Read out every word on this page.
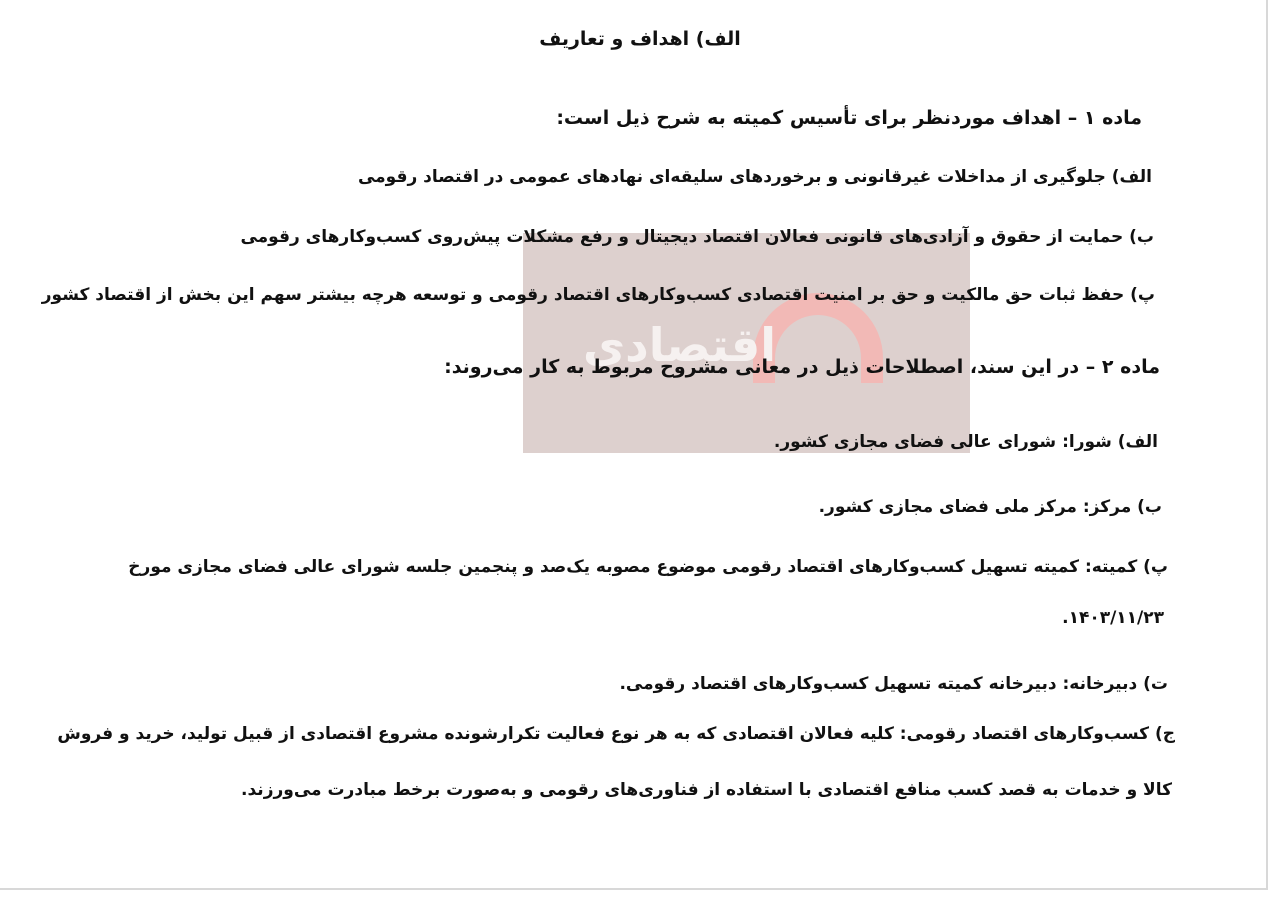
اقتصادی
الف) اهداف و تعاریف
ماده ۱ – اهداف موردنظر برای تأسیس کمیته به شرح ذیل است:
الف) جلوگیری از مداخلات غیرقانونی و برخوردهای سلیقه‌ای نهادهای عمومی در اقتصاد رقومی
ب) حمایت از حقوق و آزادی‌های قانونی فعالان اقتصاد دیجیتال و رفع مشکلات پیش‌روی کسب‌وکارهای رقومی
پ) حفظ ثبات حق مالکیت و حق بر امنیت اقتصادی کسب‌وکارهای اقتصاد رقومی و توسعه هرچه بیشتر سهم این بخش از اقتصاد کشور
ماده ۲ – در این سند، اصطلاحات ذیل در معانی مشروح مربوط به کار می‌روند:
الف) شورا: شورای عالی فضای مجازی کشور.
ب) مرکز: مرکز ملی فضای مجازی کشور.
پ) کمیته: کمیته تسهیل کسب‌وکارهای اقتصاد رقومی موضوع مصوبه یک‌صد و پنجمین جلسه شورای عالی فضای مجازی مورخ
۱۴۰۳/۱۱/۲۳.
ت) دبیرخانه: دبیرخانه کمیته تسهیل کسب‌وکارهای اقتصاد رقومی.
ج) کسب‌وکارهای اقتصاد رقومی: کلیه فعالان اقتصادی که به هر نوع فعالیت تکرارشونده مشروع اقتصادی از قبیل تولید، خرید و فروش
کالا و خدمات به قصد کسب منافع اقتصادی با استفاده از فناوری‌های رقومی و به‌صورت برخط مبادرت می‌ورزند.
